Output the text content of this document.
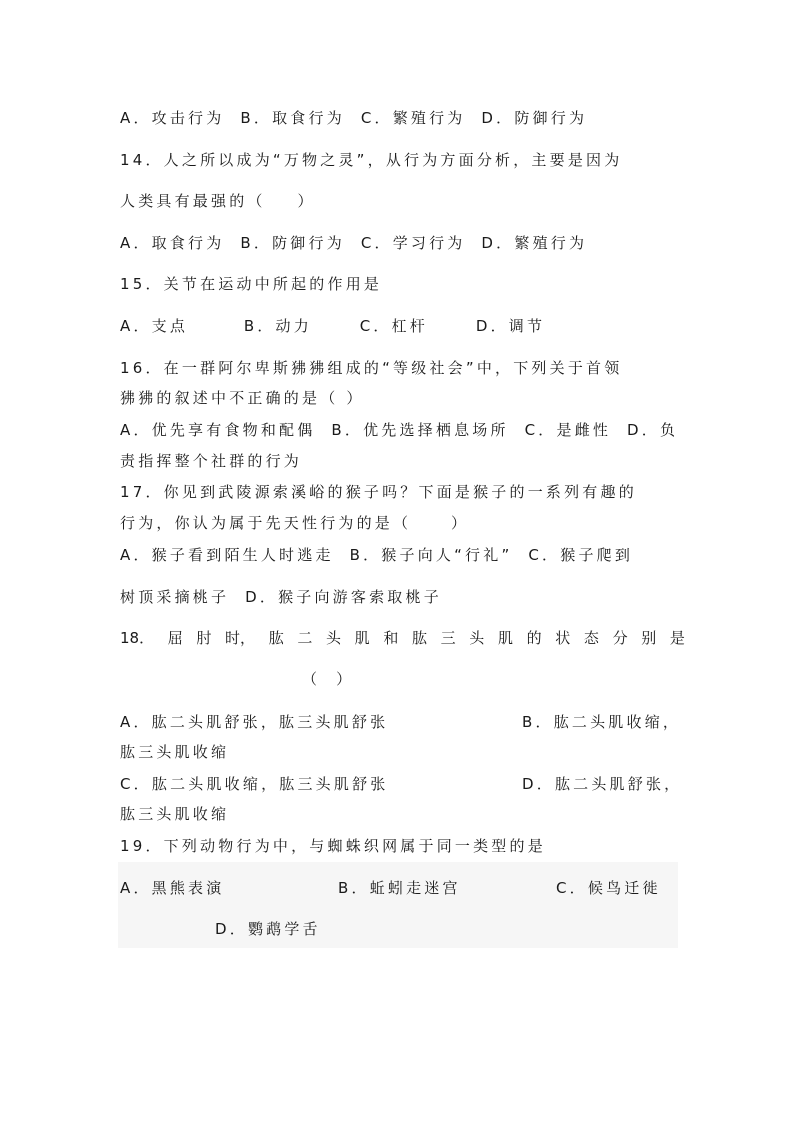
A．攻击行为  B．取食行为  C．繁殖行为  D．防御行为
14．人之所以成为“万物之灵”，从行为方面分析，主要是因为
人类具有最强的（    ）
A．取食行为  B．防御行为  C．学习行为  D．繁殖行为
15．关节在运动中所起的作用是
A．支点       B．动力      C．杠杆      D．调节
16．在一群阿尔卑斯狒狒组成的“等级社会”中，下列关于首领
狒狒的叙述中不正确的是（ ）
A．优先享有食物和配偶  B．优先选择栖息场所  C．是雌性  D．负
责指挥整个社群的行为
17．你见到武陵源索溪峪的猴子吗？下面是猴子的一系列有趣的
行为，你认为属于先天性行为的是（     ）
A．猴子看到陌生人时逃走  B．猴子向人“行礼”  C．猴子爬到
树顶采摘桃子  D．猴子向游客索取桃子
18． 屈 肘 时， 肱 二 头 肌 和 肱 三 头 肌 的 状 态 分 别 是
（  ）
A．肱二头肌舒张，肱三头肌舒张	B．肱二头肌收缩，
肱三头肌收缩
C．肱二头肌收缩，肱三头肌舒张	D．肱二头肌舒张，
肱三头肌收缩
19．下列动物行为中，与蜘蛛织网属于同一类型的是
A．黑熊表演	B．蚯蚓走迷宫	C．候鸟迁徙
D．鹦鹉学舌
